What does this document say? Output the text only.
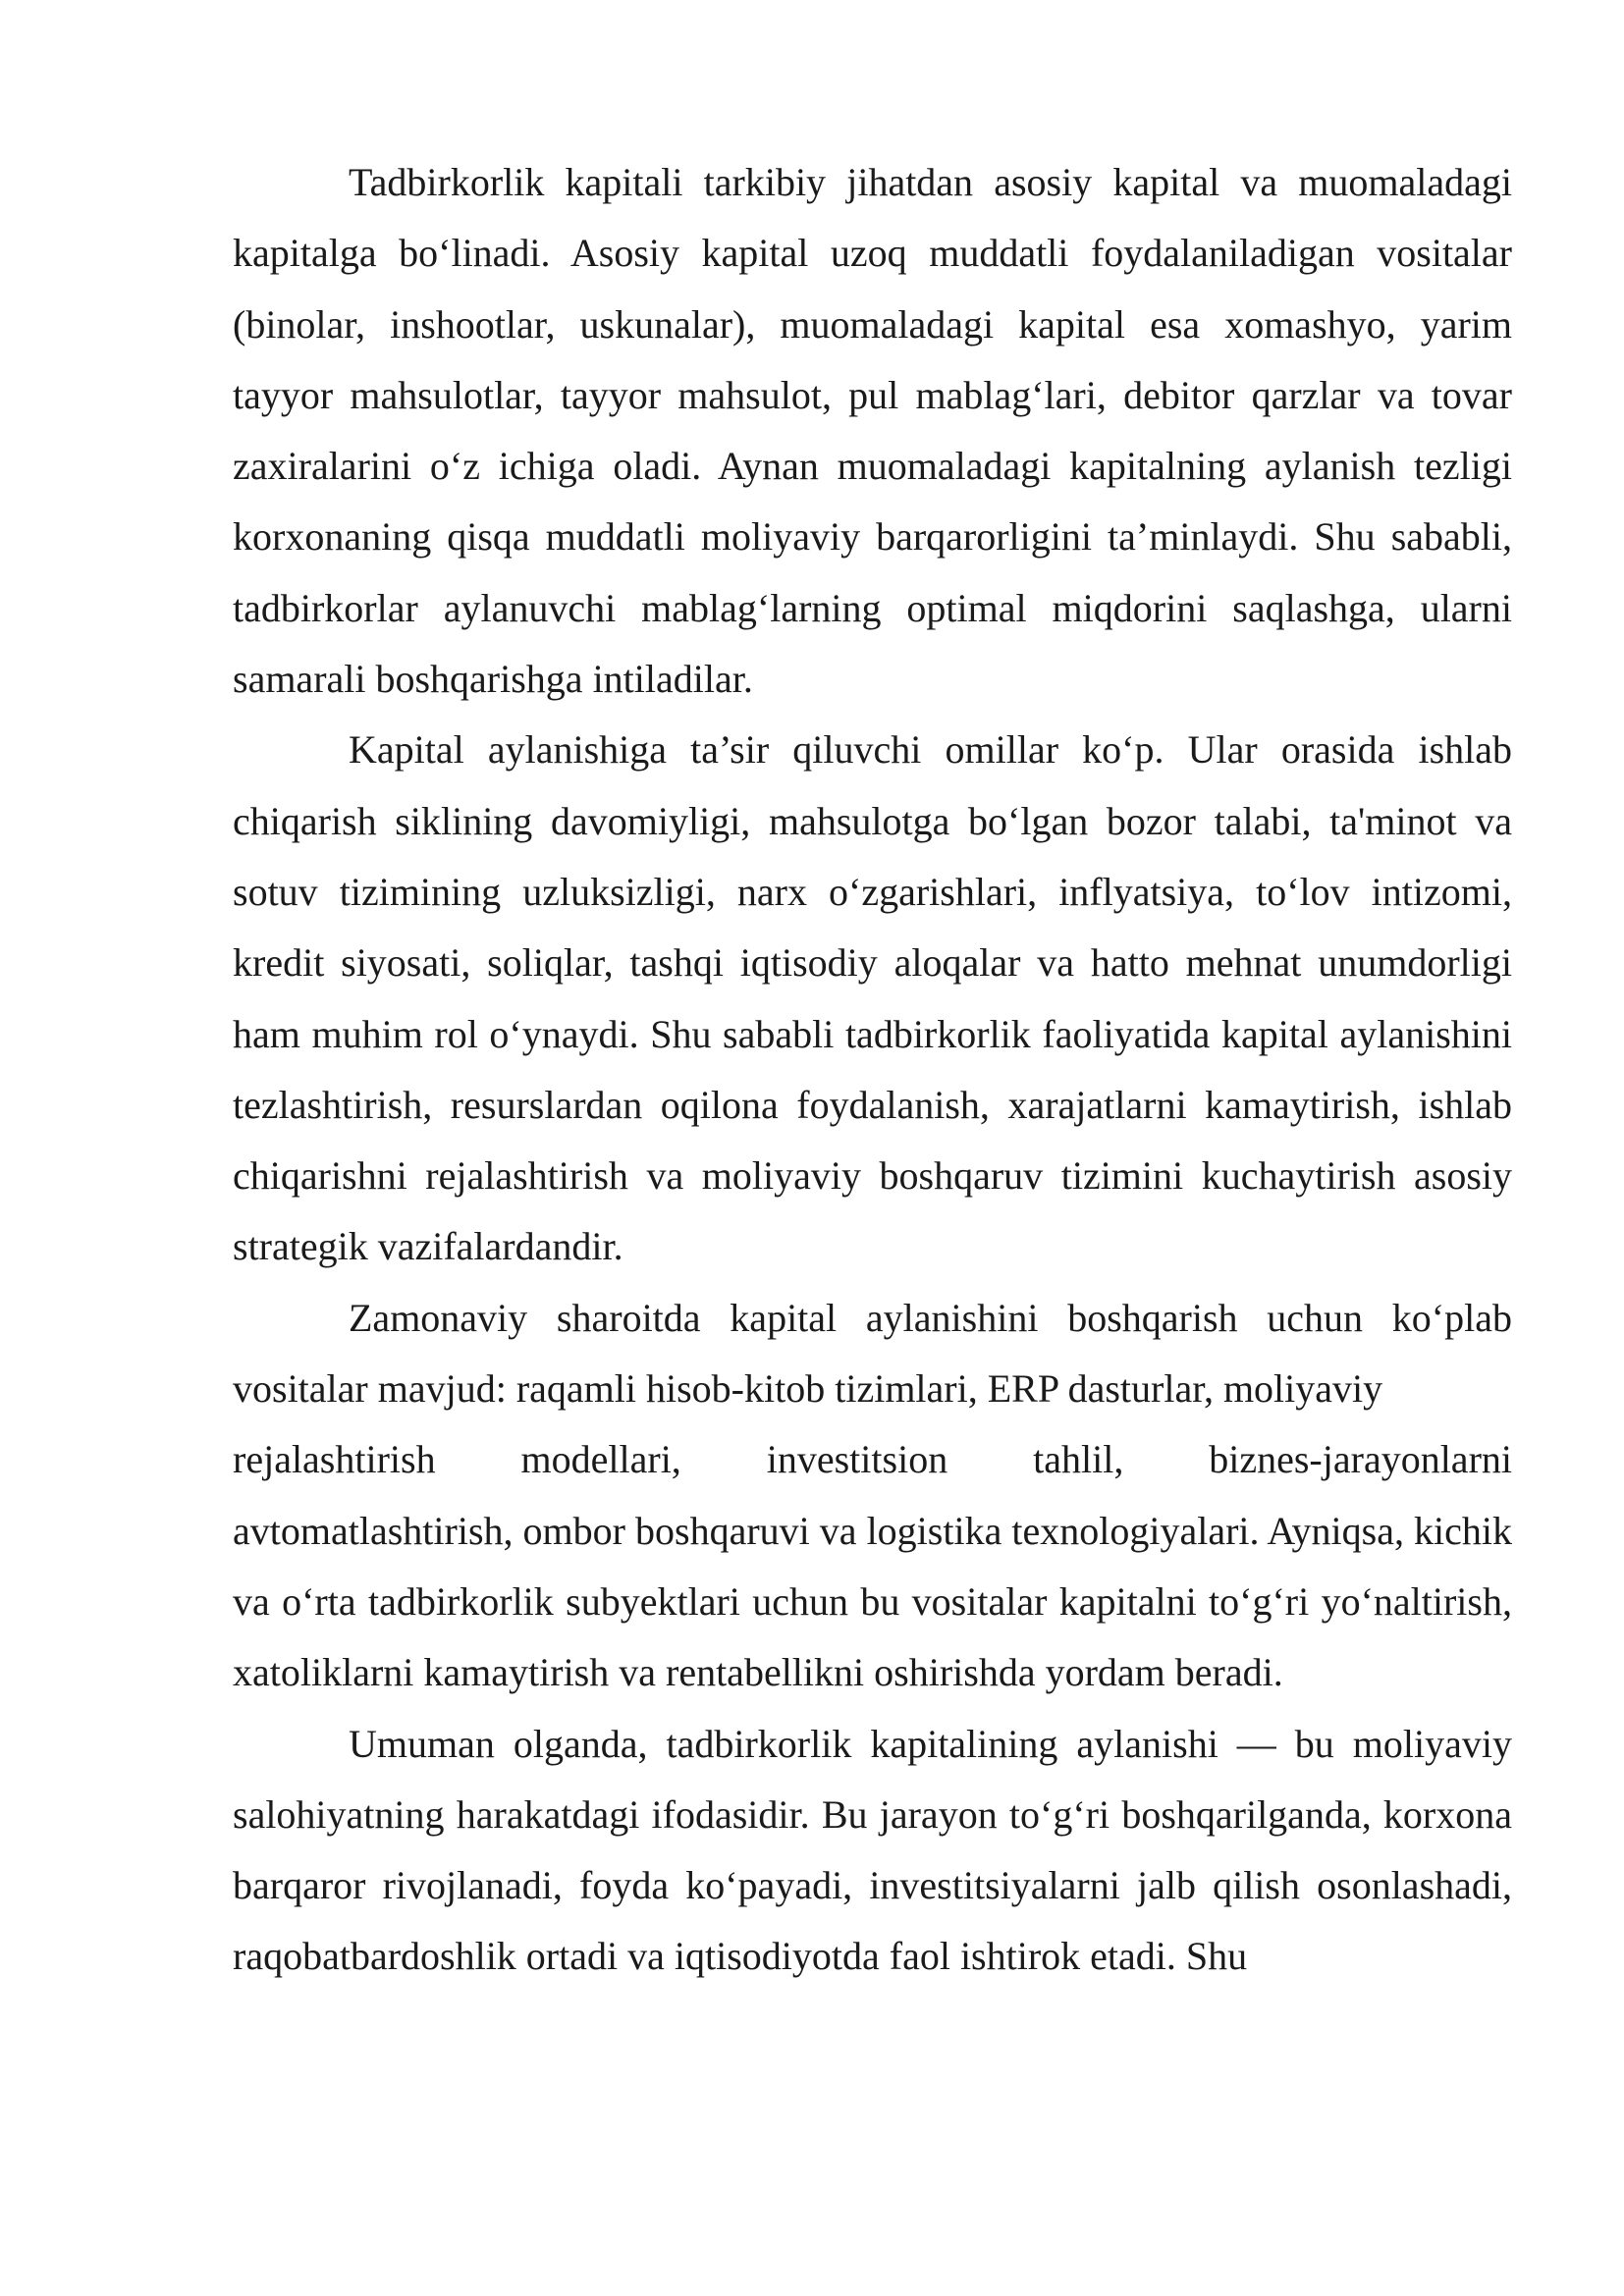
Tadbirkorlik kapitali tarkibiy jihatdan asosiy kapital va muomaladagi kapitalga bo‘linadi. Asosiy kapital uzoq muddatli foydalaniladigan vositalar (binolar, inshootlar, uskunalar), muomaladagi kapital esa xomashyo, yarim tayyor mahsulotlar, tayyor mahsulot, pul mablag‘lari, debitor qarzlar va tovar zaxiralarini o‘z ichiga oladi. Aynan muomaladagi kapitalning aylanish tezligi korxonaning qisqa muddatli moliyaviy barqarorligini ta’minlaydi. Shu sababli, tadbirkorlar aylanuvchi mablag‘larning optimal miqdorini saqlashga, ularni samarali boshqarishga intiladilar.

Kapital aylanishiga ta’sir qiluvchi omillar ko‘p. Ular orasida ishlab chiqarish siklining davomiyligi, mahsulotga bo‘lgan bozor talabi, ta'minot va sotuv tizimining uzluksizligi, narx o‘zgarishlari, inflyatsiya, to‘lov intizomi, kredit siyosati, soliqlar, tashqi iqtisodiy aloqalar va hatto mehnat unumdorligi ham muhim rol o‘ynaydi. Shu sababli tadbirkorlik faoliyatida kapital aylanishini tezlashtirish, resurslardan oqilona foydalanish, xarajatlarni kamaytirish, ishlab chiqarishni rejalashtirish va moliyaviy boshqaruv tizimini kuchaytirish asosiy strategik vazifalardandir.

Zamonaviy sharoitda kapital aylanishini boshqarish uchun ko‘plab vositalar mavjud: raqamli hisob-kitob tizimlari, ERP dasturlar, moliyaviy
rejalashtirish modellari, investitsion tahlil, biznes-jarayonlarni
avtomatlashtirish, ombor boshqaruvi va logistika texnologiyalari. Ayniqsa, kichik va o‘rta tadbirkorlik subyektlari uchun bu vositalar kapitalni to‘g‘ri yo‘naltirish, xatoliklarni kamaytirish va rentabellikni oshirishda yordam beradi.

Umuman olganda, tadbirkorlik kapitalining aylanishi — bu moliyaviy salohiyatning harakatdagi ifodasidir. Bu jarayon to‘g‘ri boshqarilganda, korxona barqaror rivojlanadi, foyda ko‘payadi, investitsiyalarni jalb qilish osonlashadi, raqobatbardoshlik ortadi va iqtisodiyotda faol ishtirok etadi. Shu
